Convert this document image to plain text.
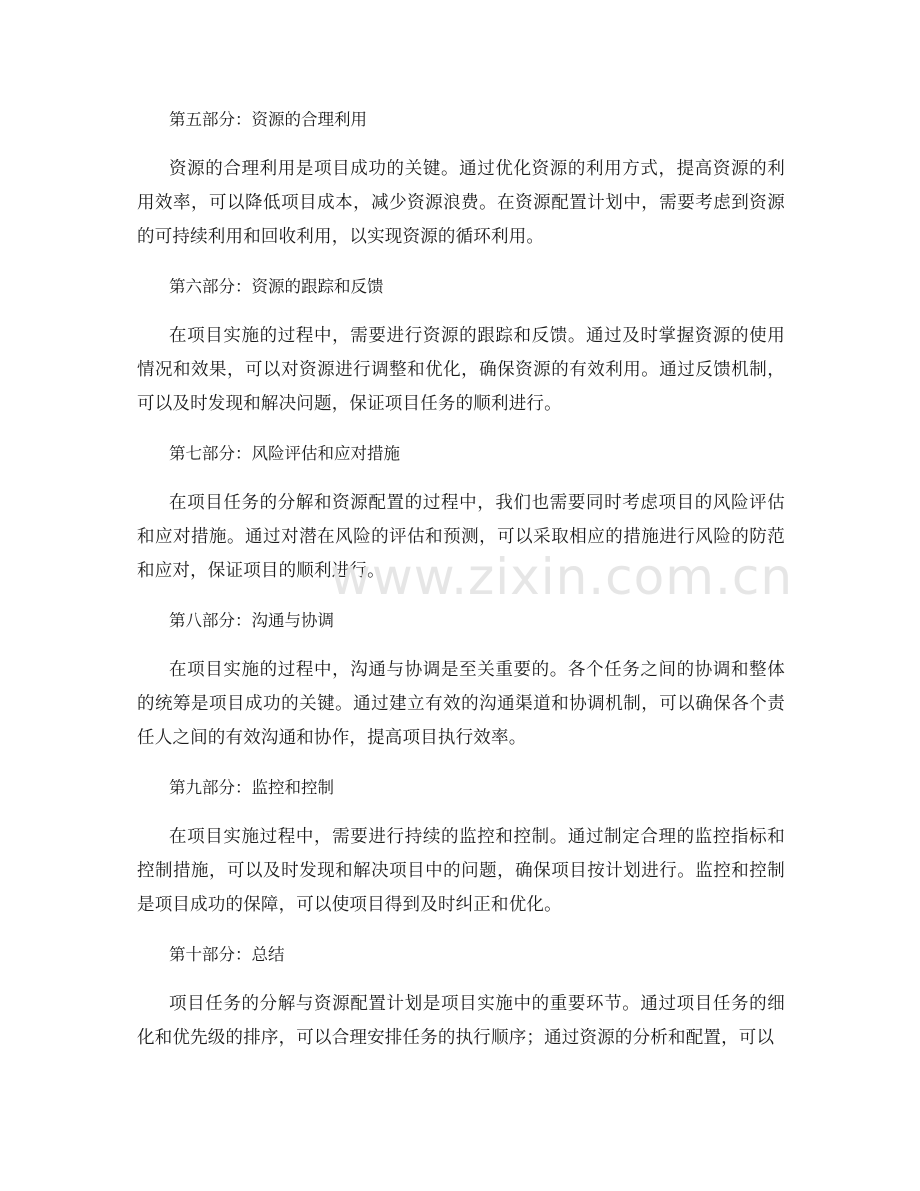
第五部分：资源的合理利用
资源的合理利用是项目成功的关键。通过优化资源的利用方式，提高资源的利用效率，可以降低项目成本，减少资源浪费。在资源配置计划中，需要考虑到资源的可持续利用和回收利用，以实现资源的循环利用。
第六部分：资源的跟踪和反馈
在项目实施的过程中，需要进行资源的跟踪和反馈。通过及时掌握资源的使用情况和效果，可以对资源进行调整和优化，确保资源的有效利用。通过反馈机制，可以及时发现和解决问题，保证项目任务的顺利进行。
第七部分：风险评估和应对措施
在项目任务的分解和资源配置的过程中，我们也需要同时考虑项目的风险评估和应对措施。通过对潜在风险的评估和预测，可以采取相应的措施进行风险的防范和应对，保证项目的顺利进行。
第八部分：沟通与协调
在项目实施的过程中，沟通与协调是至关重要的。各个任务之间的协调和整体的统筹是项目成功的关键。通过建立有效的沟通渠道和协调机制，可以确保各个责任人之间的有效沟通和协作，提高项目执行效率。
第九部分：监控和控制
在项目实施过程中，需要进行持续的监控和控制。通过制定合理的监控指标和控制措施，可以及时发现和解决项目中的问题，确保项目按计划进行。监控和控制是项目成功的保障，可以使项目得到及时纠正和优化。
第十部分：总结
项目任务的分解与资源配置计划是项目实施中的重要环节。通过项目任务的细化和优先级的排序，可以合理安排任务的执行顺序；通过资源的分析和配置，可以
www.zixin.com.cn
